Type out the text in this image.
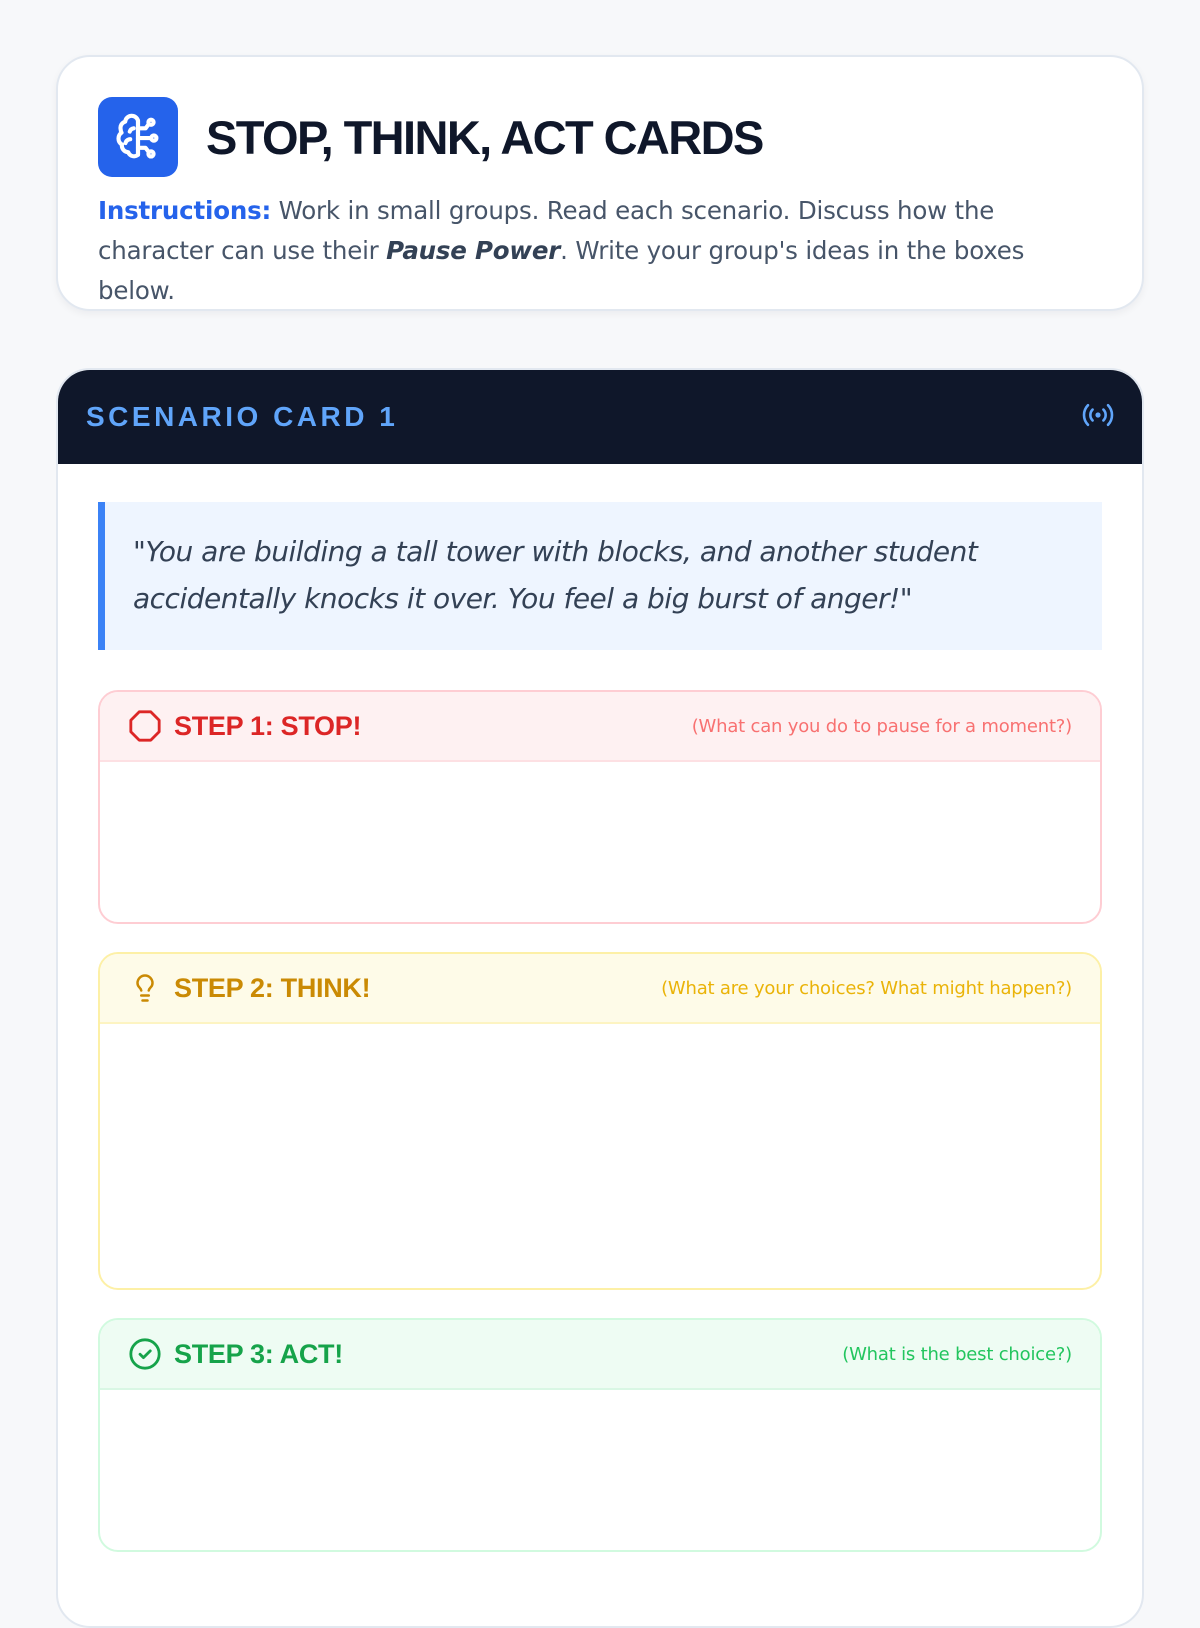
STOP, THINK, ACT CARDS
Instructions: Work in small groups. Read each scenario. Discuss how the character can use their Pause Power. Write your group's ideas in the boxes below.
SCENARIO CARD 1
"You are building a tall tower with blocks, and another student accidentally knocks it over. You feel a big burst of anger!"
STEP 1: STOP!	(What can you do to pause for a moment?)
STEP 2: THINK!	(What are your choices? What might happen?)
STEP 3: ACT!	(What is the best choice?)
